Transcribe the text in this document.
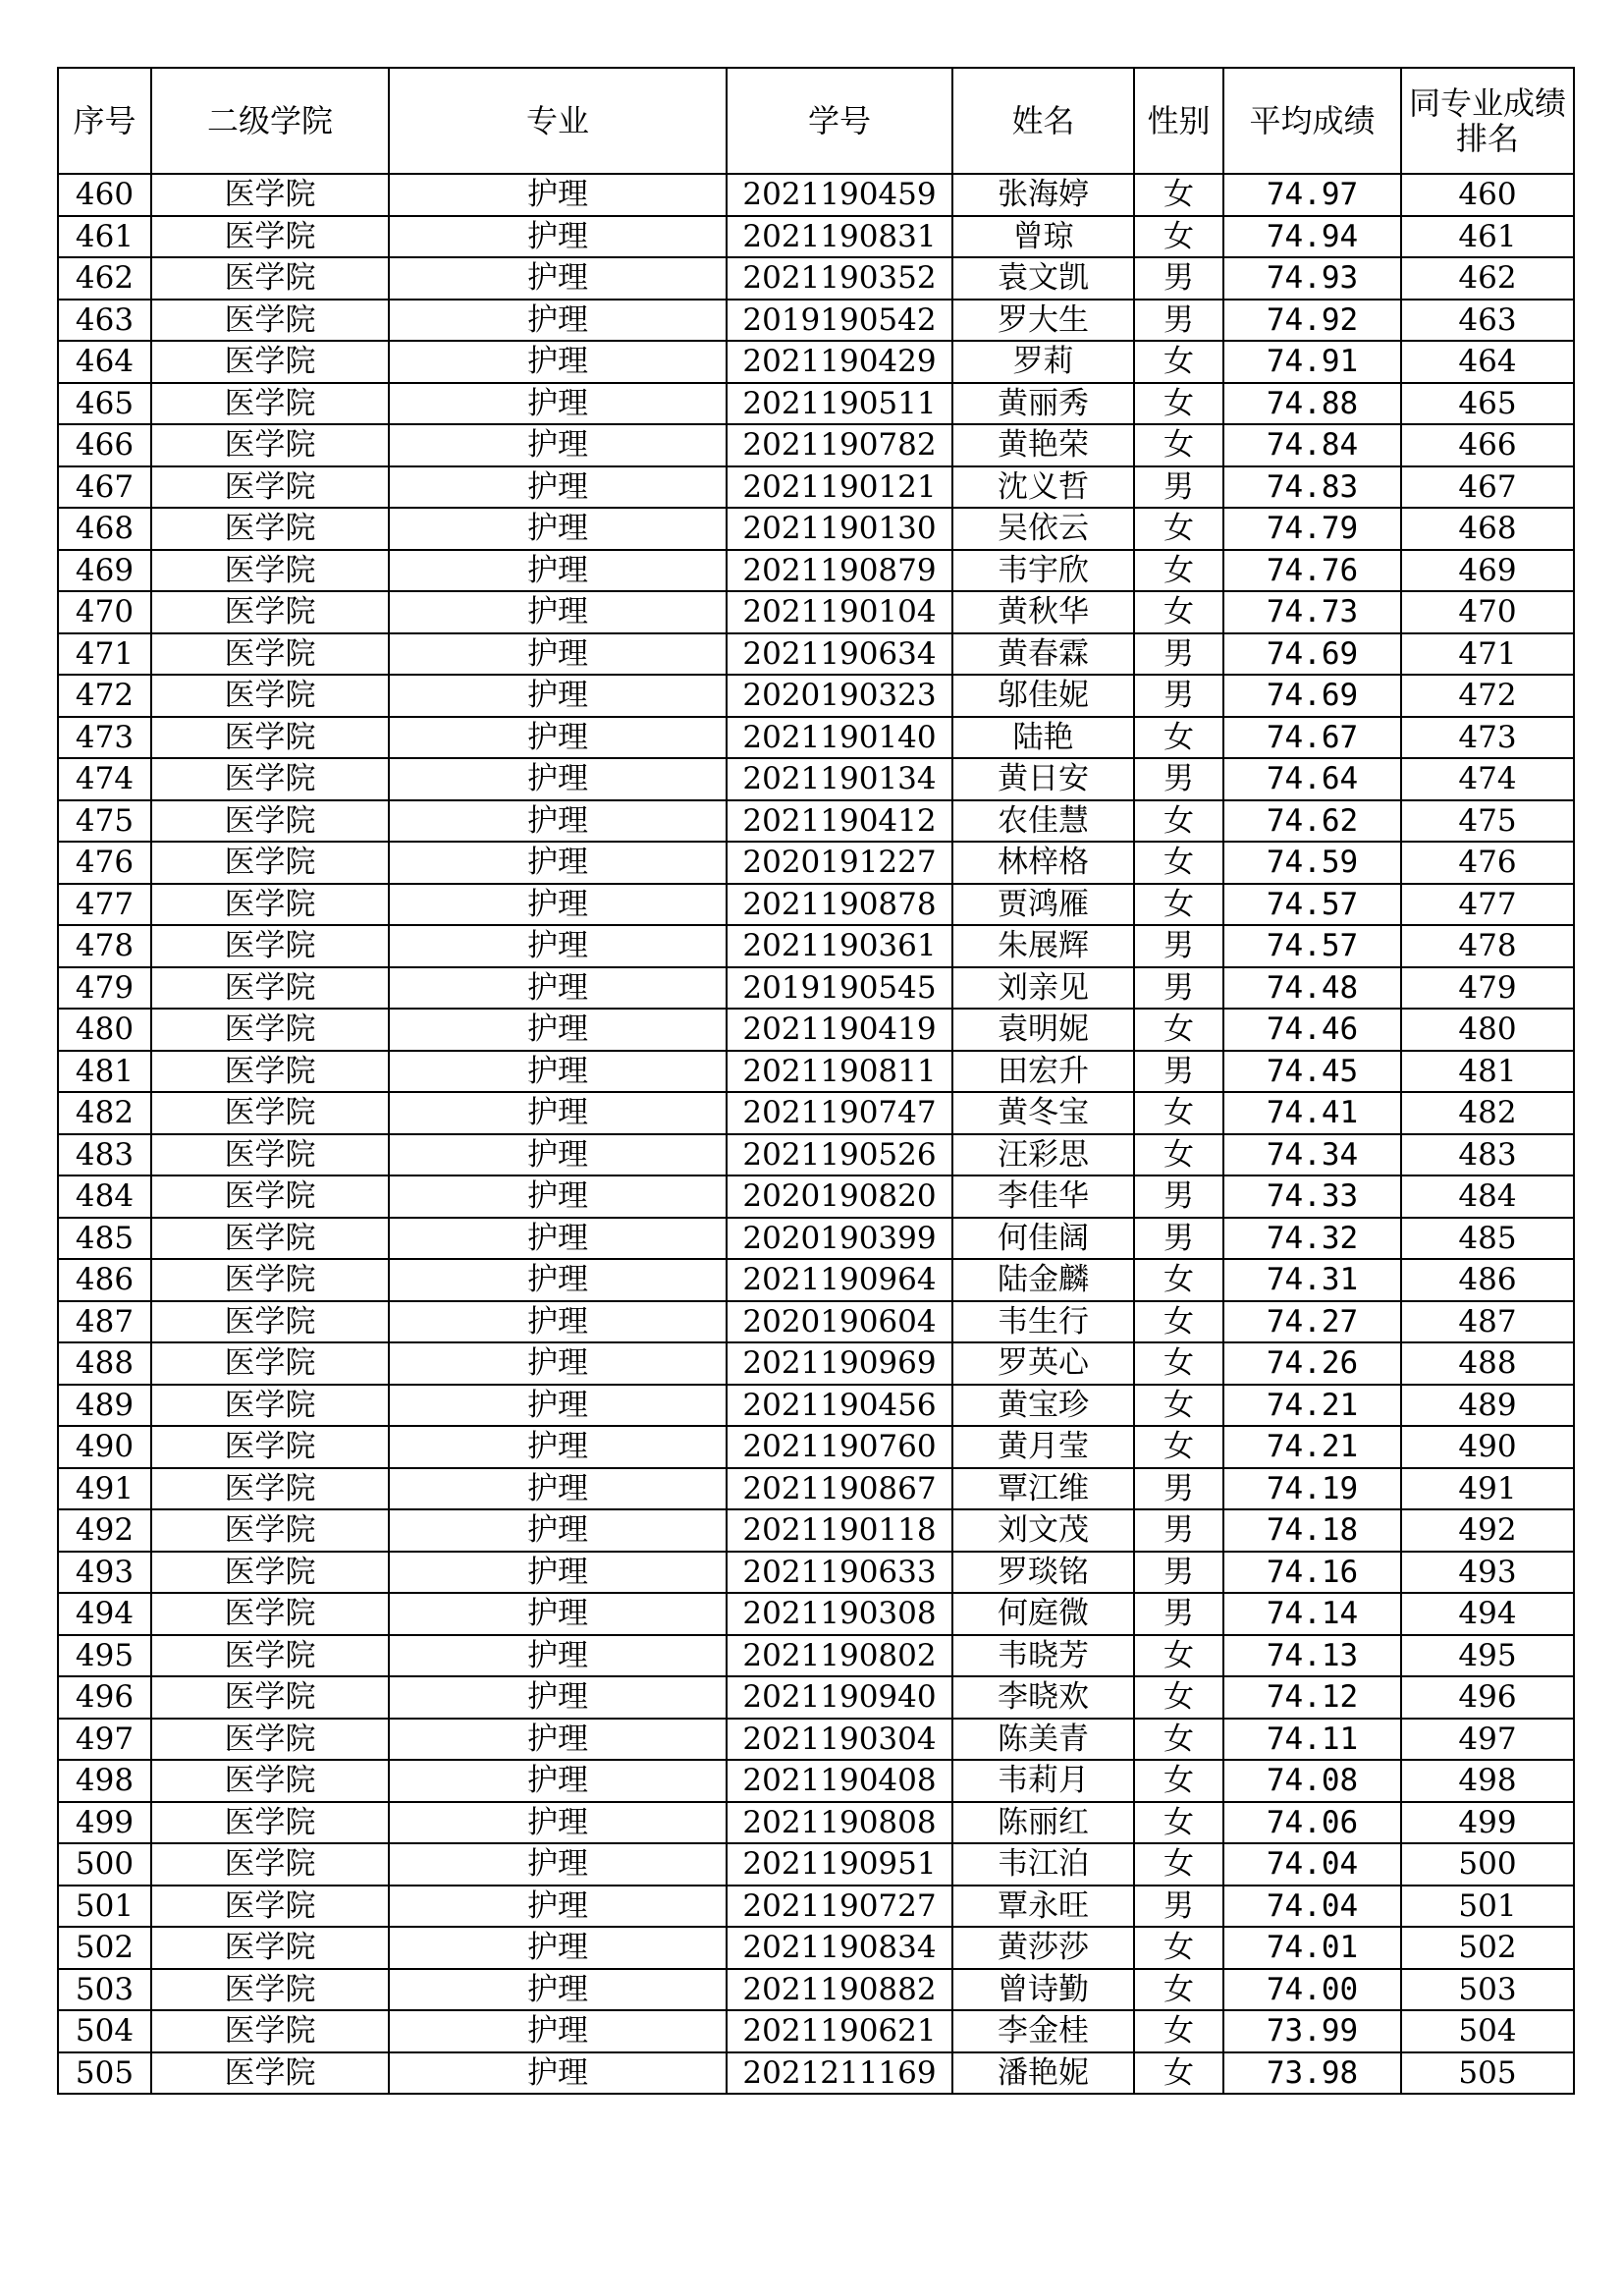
序号	二级学院	专业	学号	姓名	性别	平均成绩	同专业成绩排名

460	医学院	护理	2021190459	张海婷	女	74.97	460
461	医学院	护理	2021190831	曾琼	女	74.94	461
462	医学院	护理	2021190352	袁文凯	男	74.93	462
463	医学院	护理	2019190542	罗大生	男	74.92	463
464	医学院	护理	2021190429	罗莉	女	74.91	464
465	医学院	护理	2021190511	黄丽秀	女	74.88	465
466	医学院	护理	2021190782	黄艳荣	女	74.84	466
467	医学院	护理	2021190121	沈义哲	男	74.83	467
468	医学院	护理	2021190130	吴依云	女	74.79	468
469	医学院	护理	2021190879	韦宇欣	女	74.76	469
470	医学院	护理	2021190104	黄秋华	女	74.73	470
471	医学院	护理	2021190634	黄春霖	男	74.69	471
472	医学院	护理	2020190323	邬佳妮	男	74.69	472
473	医学院	护理	2021190140	陆艳	女	74.67	473
474	医学院	护理	2021190134	黄日安	男	74.64	474
475	医学院	护理	2021190412	农佳慧	女	74.62	475
476	医学院	护理	2020191227	林梓格	女	74.59	476
477	医学院	护理	2021190878	贾鸿雁	女	74.57	477
478	医学院	护理	2021190361	朱展辉	男	74.57	478
479	医学院	护理	2019190545	刘亲见	男	74.48	479
480	医学院	护理	2021190419	袁明妮	女	74.46	480
481	医学院	护理	2021190811	田宏升	男	74.45	481
482	医学院	护理	2021190747	黄冬宝	女	74.41	482
483	医学院	护理	2021190526	汪彩思	女	74.34	483
484	医学院	护理	2020190820	李佳华	男	74.33	484
485	医学院	护理	2020190399	何佳阔	男	74.32	485
486	医学院	护理	2021190964	陆金麟	女	74.31	486
487	医学院	护理	2020190604	韦生行	女	74.27	487
488	医学院	护理	2021190969	罗英心	女	74.26	488
489	医学院	护理	2021190456	黄宝珍	女	74.21	489
490	医学院	护理	2021190760	黄月莹	女	74.21	490
491	医学院	护理	2021190867	覃江维	男	74.19	491
492	医学院	护理	2021190118	刘文茂	男	74.18	492
493	医学院	护理	2021190633	罗琰铭	男	74.16	493
494	医学院	护理	2021190308	何庭微	男	74.14	494
495	医学院	护理	2021190802	韦晓芳	女	74.13	495
496	医学院	护理	2021190940	李晓欢	女	74.12	496
497	医学院	护理	2021190304	陈美青	女	74.11	497
498	医学院	护理	2021190408	韦莉月	女	74.08	498
499	医学院	护理	2021190808	陈丽红	女	74.06	499
500	医学院	护理	2021190951	韦江泊	女	74.04	500
501	医学院	护理	2021190727	覃永旺	男	74.04	501
502	医学院	护理	2021190834	黄莎莎	女	74.01	502
503	医学院	护理	2021190882	曾诗勤	女	74.00	503
504	医学院	护理	2021190621	李金桂	女	73.99	504
505	医学院	护理	2021211169	潘艳妮	女	73.98	505
